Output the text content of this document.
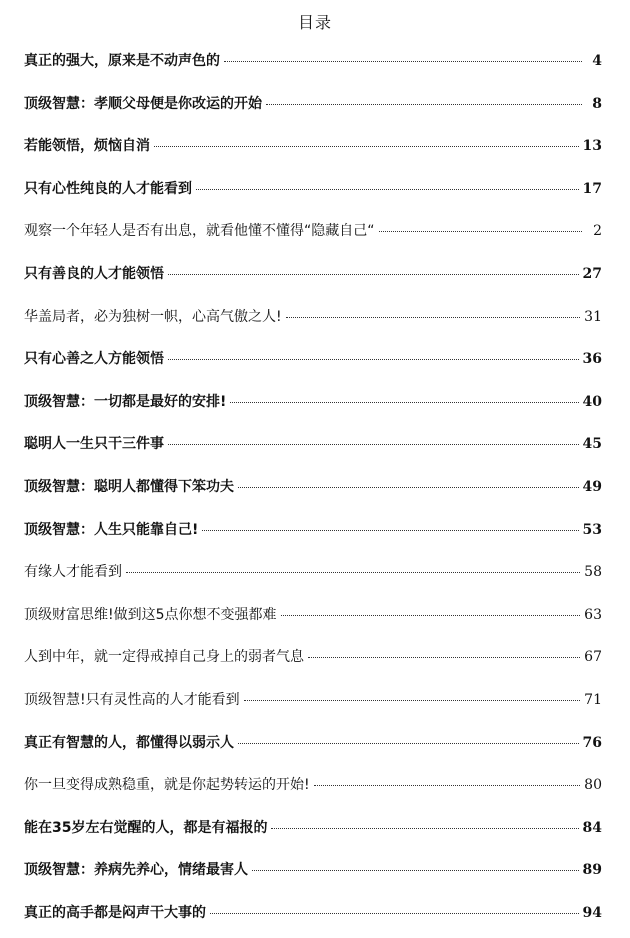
目录
真正的强大，原来是不动声色的	4
顶级智慧：孝顺父母便是你改运的开始	8
若能领悟，烦恼自消	13
只有心性纯良的人才能看到	17
观察一个年轻人是否有出息，就看他懂不懂得“隐藏自己“	2
只有善良的人才能领悟	27
华盖局者，必为独树一帜，心高气傲之人!	31
只有心善之人方能领悟	36
顶级智慧：一切都是最好的安排!	40
聪明人一生只干三件事	45
顶级智慧：聪明人都懂得下笨功夫	49
顶级智慧：人生只能靠自己!	53
有缘人才能看到	58
顶级财富思维!做到这5点你想不变强都难	63
人到中年，就一定得戒掉自己身上的弱者气息	67
顶级智慧!只有灵性高的人才能看到	71
真正有智慧的人，都懂得以弱示人	76
你一旦变得成熟稳重，就是你起势转运的开始!	80
能在35岁左右觉醒的人，都是有福报的	84
顶级智慧：养病先养心，情绪最害人	89
真正的高手都是闷声干大事的	94
